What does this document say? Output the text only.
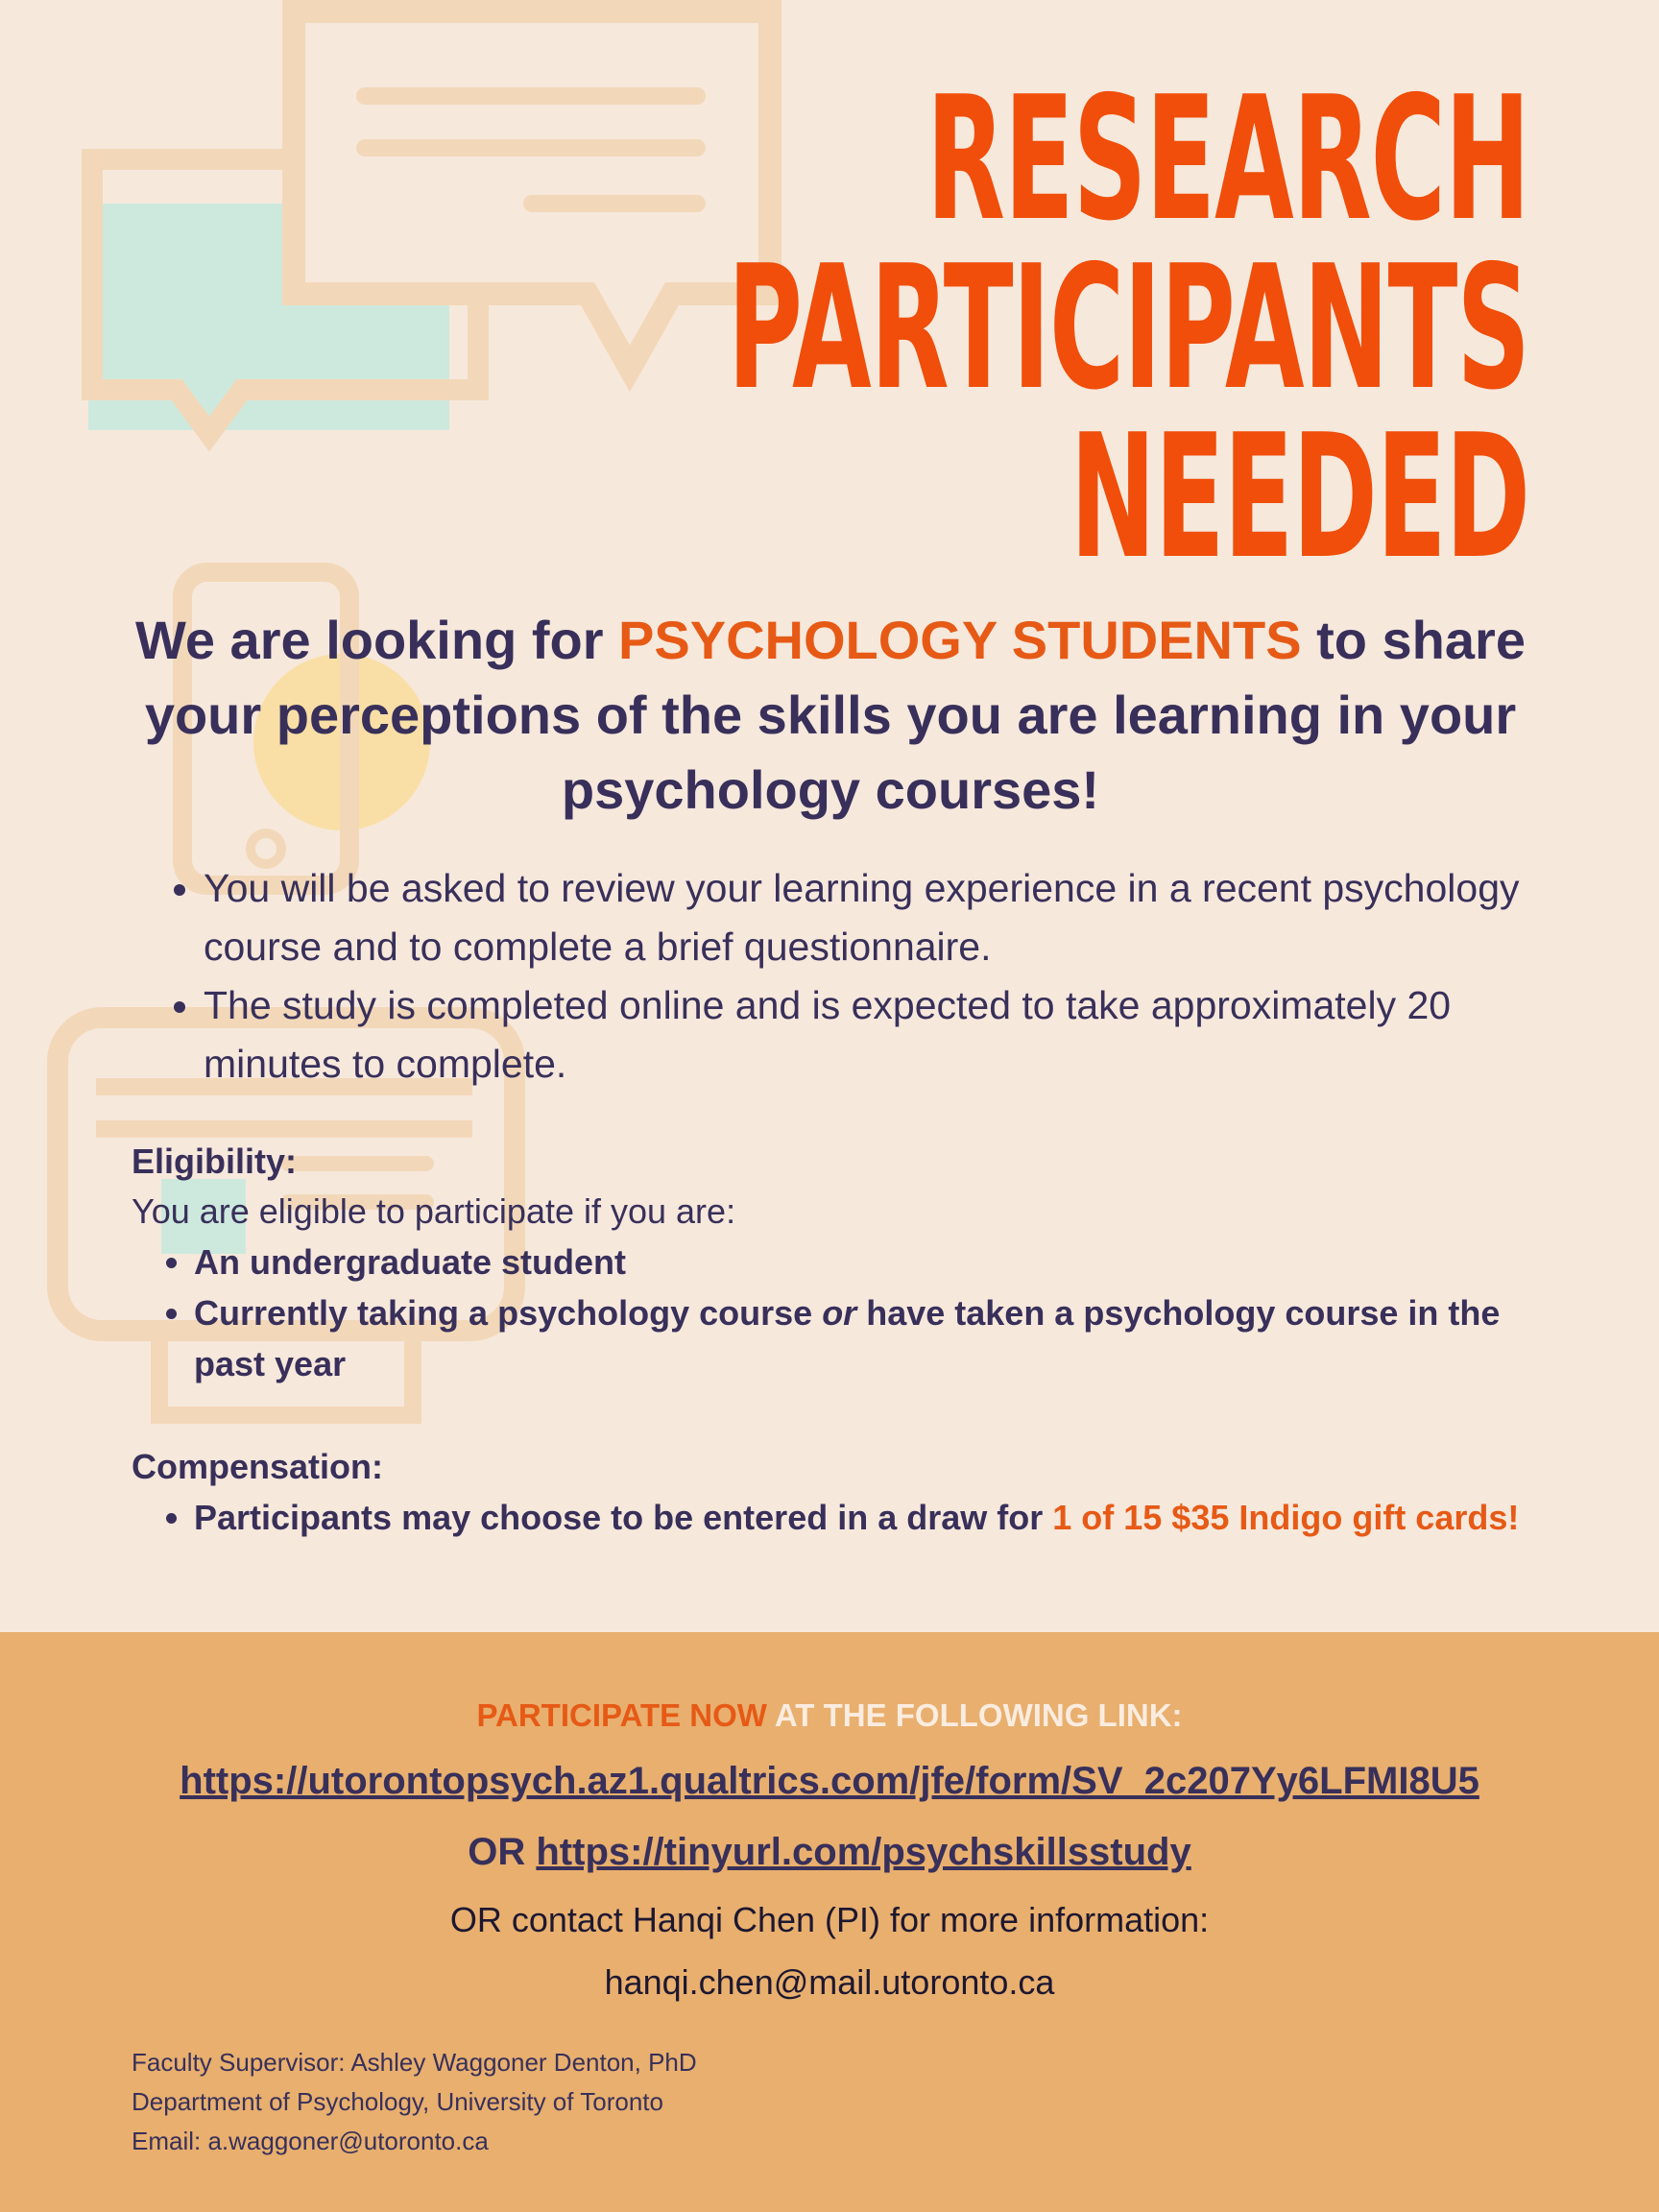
RESEARCH
PARTICIPANTS
NEEDED
We are looking for PSYCHOLOGY STUDENTS to share your perceptions of the skills you are learning in your psychology courses!
• You will be asked to review your learning experience in a recent psychology course and to complete a brief questionnaire.
• The study is completed online and is expected to take approximately 20 minutes to complete.
Eligibility:
You are eligible to participate if you are:
• An undergraduate student
• Currently taking a psychology course or have taken a psychology course in the past year
Compensation:
• Participants may choose to be entered in a draw for 1 of 15 $35 Indigo gift cards!
PARTICIPATE NOW AT THE FOLLOWING LINK:
https://utorontopsych.az1.qualtrics.com/jfe/form/SV_2c207Yy6LFMI8U5
OR https://tinyurl.com/psychskillsstudy
OR contact Hanqi Chen (PI) for more information:
hanqi.chen@mail.utoronto.ca
Faculty Supervisor: Ashley Waggoner Denton, PhD
Department of Psychology, University of Toronto
Email: a.waggoner@utoronto.ca
